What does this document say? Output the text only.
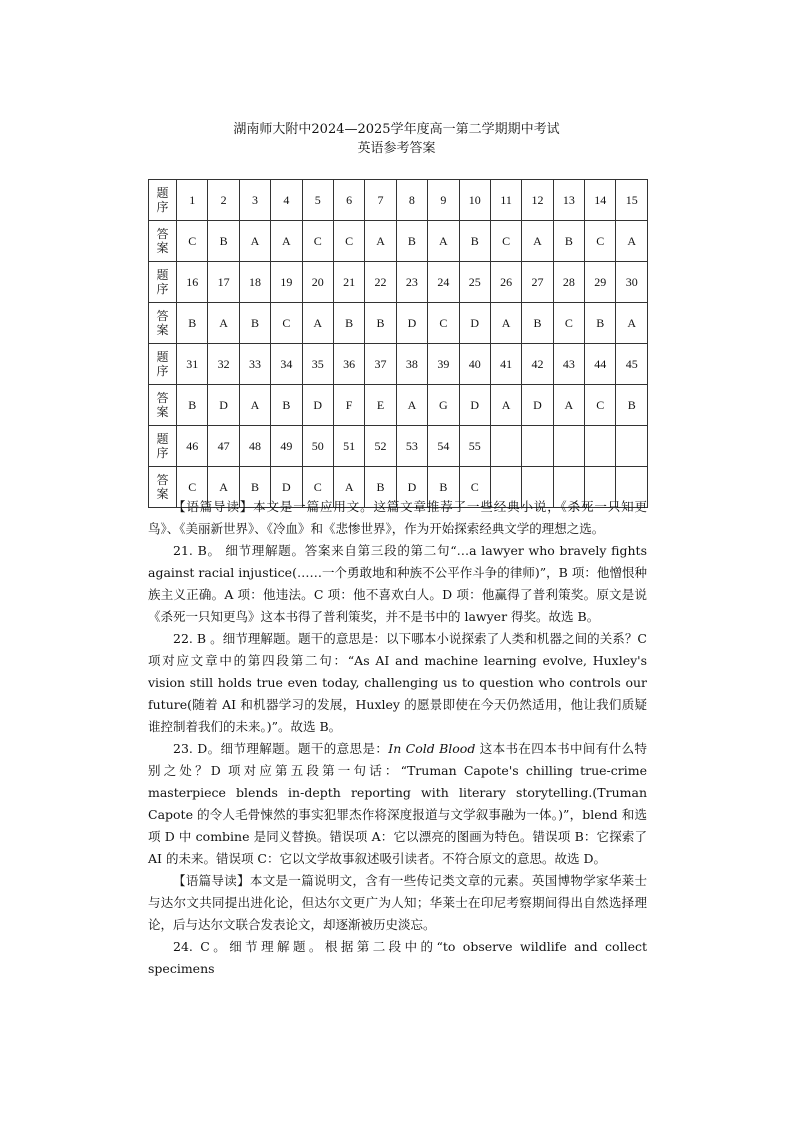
湖南师大附中2024—2025学年度高一第二学期期中考试
英语参考答案
题
序	1	2	3	4	5	6	7	8	9	10	11	12	13	14	15
答
案	C	B	A	A	C	C	A	B	A	B	C	A	B	C	A
题
序	16	17	18	19	20	21	22	23	24	25	26	27	28	29	30
答
案	B	A	B	C	A	B	B	D	C	D	A	B	C	B	A
题
序	31	32	33	34	35	36	37	38	39	40	41	42	43	44	45
答
案	B	D	A	B	D	F	E	A	G	D	A	D	A	C	B
题
序	46	47	48	49	50	51	52	53	54	55					
答
案	C	A	B	D	C	A	B	D	B	C					

【语篇导读】本文是一篇应用文。这篇文章推荐了一些经典小说，《杀死一只知更鸟》、《美丽新世界》、《冷血》和《悲惨世界》，作为开始探索经典文学的理想之选。

21. B。 细节理解题。答案来自第三段的第二句“…a lawyer who bravely fights against racial injustice(……一个勇敢地和种族不公平作斗争的律师)”，B 项：他憎恨种族主义正确。A 项：他违法。C 项：他不喜欢白人。D 项：他赢得了普利策奖。原文是说《杀死一只知更鸟》这本书得了普利策奖，并不是书中的 lawyer 得奖。故选 B。

22. B 。细节理解题。题干的意思是：以下哪本小说探索了人类和机器之间的关系？C 项对应文章中的第四段第二句：“As AI and machine learning evolve, Huxley's vision still holds true even today, challenging us to question who controls our future(随着 AI 和机器学习的发展，Huxley 的愿景即使在今天仍然适用，他让我们质疑谁控制着我们的未来。)”。故选 B。

23. D。细节理解题。题干的意思是：In Cold Blood 这本书在四本书中间有什么特别之处？D 项对应第五段第一句话：“Truman Capote's chilling true-crime masterpiece blends in-depth reporting with literary storytelling.(Truman Capote 的令人毛骨悚然的事实犯罪杰作将深度报道与文学叙事融为一体。)”，blend 和选项 D 中 combine 是同义替换。错误项 A：它以漂亮的图画为特色。错误项 B：它探索了 AI 的未来。错误项 C：它以文学故事叙述吸引读者。不符合原文的意思。故选 D。

【语篇导读】本文是一篇说明文，含有一些传记类文章的元素。英国博物学家华莱士与达尔文共同提出进化论，但达尔文更广为人知；华莱士在印尼考察期间得出自然选择理论，后与达尔文联合发表论文，却逐渐被历史淡忘。

24. C。细节理解题。根据第二段中的“to observe wildlife and collect specimens
